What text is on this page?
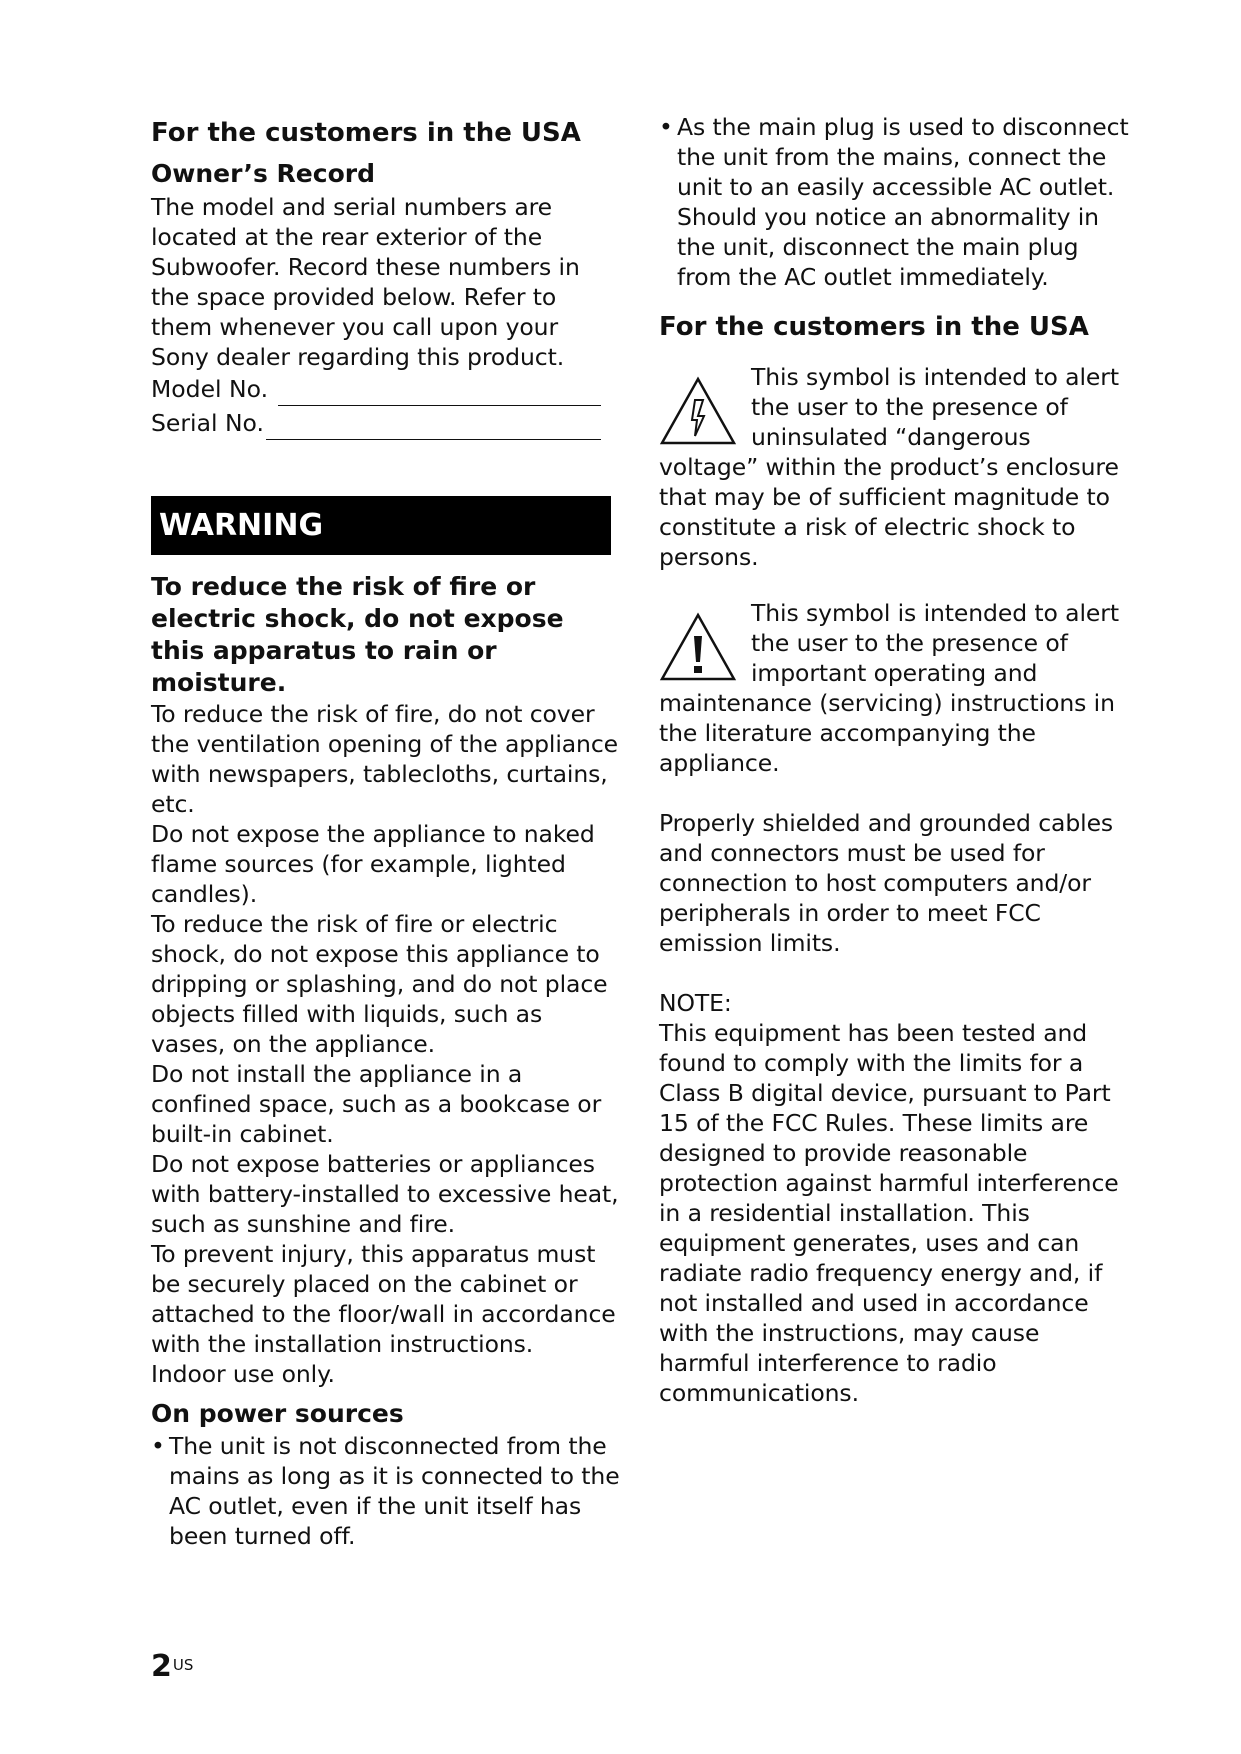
For the customers in the USA
Owner’s Record

The model and serial numbers are located at the rear exterior of the Subwoofer. Record these numbers in the space provided below. Refer to them whenever you call upon your Sony dealer regarding this product.

Model No.
Serial No.
WARNING

To reduce the risk of fire or electric shock, do not expose this apparatus to rain or moisture.

To reduce the risk of fire, do not cover the ventilation opening of the appliance with newspapers, tablecloths, curtains, etc.

Do not expose the appliance to naked flame sources (for example, lighted candles).

To reduce the risk of fire or electric shock, do not expose this appliance to dripping or splashing, and do not place objects filled with liquids, such as vases, on the appliance.

Do not install the appliance in a confined space, such as a bookcase or built-in cabinet.

Do not expose batteries or appliances with battery-installed to excessive heat, such as sunshine and fire.

To prevent injury, this apparatus must be securely placed on the cabinet or attached to the floor/wall in accordance with the installation instructions.

Indoor use only.

On power sources
• The unit is not disconnected from the mains as long as it is connected to the AC outlet, even if the unit itself has been turned off.
• As the main plug is used to disconnect the unit from the mains, connect the unit to an easily accessible AC outlet. Should you notice an abnormality in the unit, disconnect the main plug from the AC outlet immediately.
For the customers in the USA

This symbol is intended to alert the user to the presence of uninsulated “dangerous voltage” within the product’s enclosure that may be of sufficient magnitude to constitute a risk of electric shock to persons.

This symbol is intended to alert the user to the presence of important operating and maintenance (servicing) instructions in the literature accompanying the appliance.

Properly shielded and grounded cables and connectors must be used for connection to host computers and/or peripherals in order to meet FCC emission limits.

NOTE:

This equipment has been tested and found to comply with the limits for a Class B digital device, pursuant to Part 15 of the FCC Rules. These limits are designed to provide reasonable protection against harmful interference in a residential installation. This equipment generates, uses and can radiate radio frequency energy and, if not installed and used in accordance with the instructions, may cause harmful interference to radio communications.

$2^{US}$
